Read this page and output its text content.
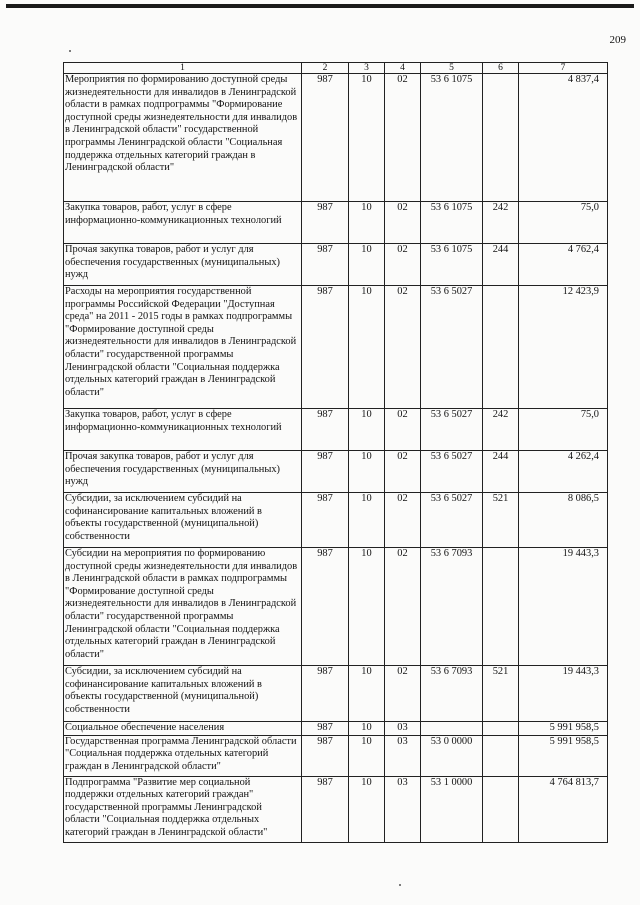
209
1	2	3	4	5	6	7
Мероприятия по формированию доступной среды жизнедеятельности для инвалидов в Ленинградской области в рамках подпрограммы "Формирование доступной среды жизнедеятельности для инвалидов в Ленинградской области" государственной программы Ленинградской области "Социальная поддержка отдельных категорий граждан в Ленинградской области"	987	10	02	53 6 1075		4 837,4
Закупка товаров, работ, услуг в сфере информационно-коммуникационных технологий	987	10	02	53 6 1075	242	75,0
Прочая закупка товаров, работ и услуг для обеспечения государственных (муниципальных) нужд	987	10	02	53 6 1075	244	4 762,4
Расходы на мероприятия государственной программы Российской Федерации "Доступная среда" на 2011 - 2015 годы в рамках подпрограммы "Формирование доступной среды жизнедеятельности для инвалидов в Ленинградской области" государственной программы Ленинградской области "Социальная поддержка отдельных категорий граждан в Ленинградской области"	987	10	02	53 6 5027		12 423,9
Закупка товаров, работ, услуг в сфере информационно-коммуникационных технологий	987	10	02	53 6 5027	242	75,0
Прочая закупка товаров, работ и услуг для обеспечения государственных (муниципальных) нужд	987	10	02	53 6 5027	244	4 262,4
Субсидии, за исключением субсидий на софинансирование капитальных вложений в объекты государственной (муниципальной) собственности	987	10	02	53 6 5027	521	8 086,5
Субсидии на мероприятия по формированию доступной среды жизнедеятельности для инвалидов в Ленинградской области в рамках подпрограммы "Формирование доступной среды жизнедеятельности для инвалидов в Ленинградской области" государственной программы Ленинградской области "Социальная поддержка отдельных категорий граждан в Ленинградской области"	987	10	02	53 6 7093		19 443,3
Субсидии, за исключением субсидий на софинансирование капитальных вложений в объекты государственной (муниципальной) собственности	987	10	02	53 6 7093	521	19 443,3
Социальное обеспечение населения	987	10	03			5 991 958,5
Государственная программа Ленинградской области "Социальная поддержка отдельных категорий граждан в Ленинградской области"	987	10	03	53 0 0000		5 991 958,5
Подпрограмма "Развитие мер социальной поддержки отдельных категорий граждан" государственной программы Ленинградской области "Социальная поддержка отдельных категорий граждан в Ленинградской области"	987	10	03	53 1 0000		4 764 813,7
